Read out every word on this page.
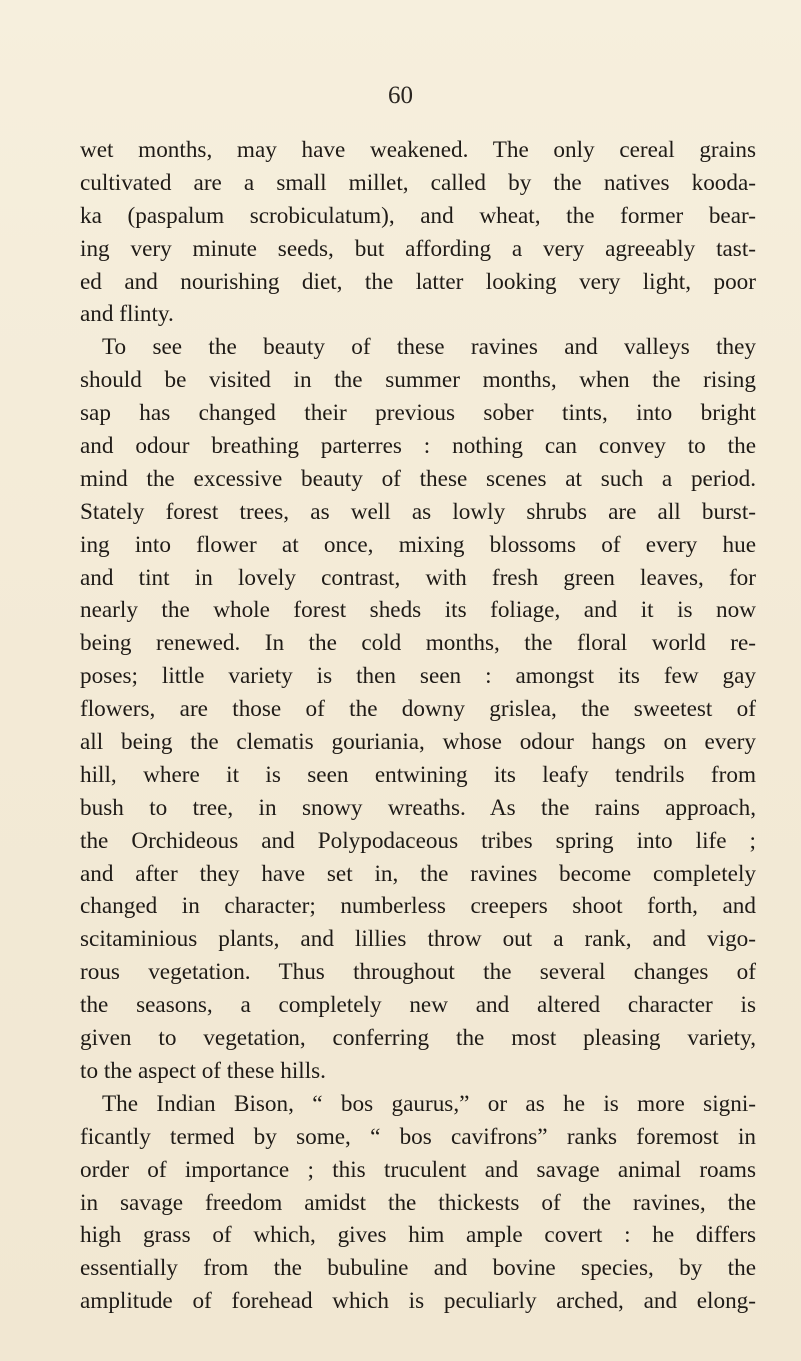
60
wet months, may have weakened. The only cereal grains
cultivated are a small millet, called by the natives kooda-
ka (paspalum scrobiculatum), and wheat, the former bear-
ing very minute seeds, but affording a very agreeably tast-
ed and nourishing diet, the latter looking very light, poor
and flinty.
To see the beauty of these ravines and valleys they
should be visited in the summer months, when the rising
sap has changed their previous sober tints, into bright
and odour breathing parterres : nothing can convey to the
mind the excessive beauty of these scenes at such a period.
Stately forest trees, as well as lowly shrubs are all burst-
ing into flower at once, mixing blossoms of every hue
and tint in lovely contrast, with fresh green leaves, for
nearly the whole forest sheds its foliage, and it is now
being renewed. In the cold months, the floral world re-
poses; little variety is then seen : amongst its few gay
flowers, are those of the downy grislea, the sweetest of
all being the clematis gouriania, whose odour hangs on every
hill, where it is seen entwining its leafy tendrils from
bush to tree, in snowy wreaths. As the rains approach,
the Orchideous and Polypodaceous tribes spring into life ;
and after they have set in, the ravines become completely
changed in character; numberless creepers shoot forth, and
scitaminious plants, and lillies throw out a rank, and vigo-
rous vegetation. Thus throughout the several changes of
the seasons, a completely new and altered character is
given to vegetation, conferring the most pleasing variety,
to the aspect of these hills.
The Indian Bison, “ bos gaurus,” or as he is more signi-
ficantly termed by some, “ bos cavifrons” ranks foremost in
order of importance ; this truculent and savage animal roams
in savage freedom amidst the thickests of the ravines, the
high grass of which, gives him ample covert : he differs
essentially from the bubuline and bovine species, by the
amplitude of forehead which is peculiarly arched, and elong-
